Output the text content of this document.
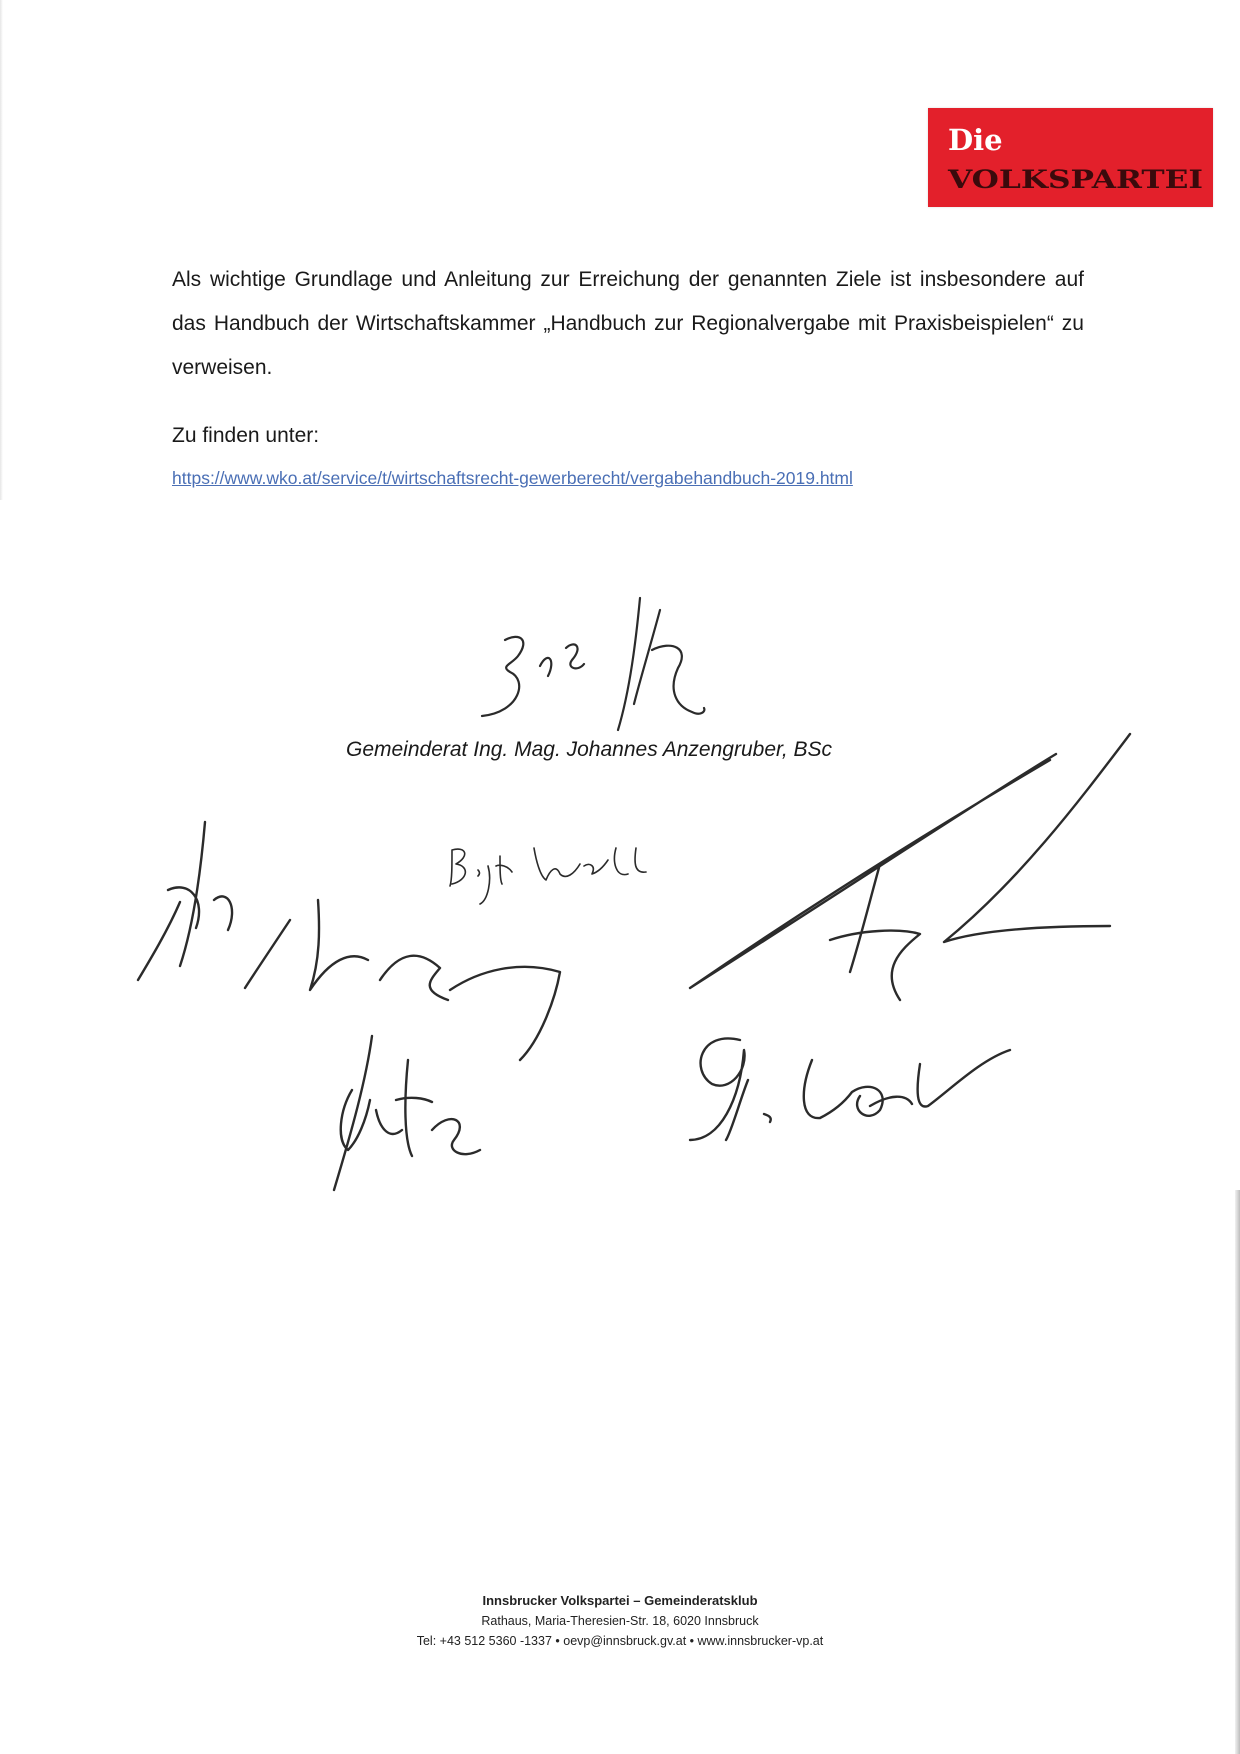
Die
VOLKSPARTEI

Als wichtige Grundlage und Anleitung zur Erreichung der genannten Ziele ist insbesondere auf das Handbuch der Wirtschaftskammer „Handbuch zur Regionalvergabe mit Praxisbeispielen“ zu verweisen.

Zu finden unter:

https://www.wko.at/service/t/wirtschaftsrecht-gewerberecht/vergabehandbuch-2019.html

Gemeinderat Ing. Mag. Johannes Anzengruber, BSc

Innsbrucker Volkspartei – Gemeinderatsklub
Rathaus, Maria-Theresien-Str. 18, 6020 Innsbruck
Tel: +43 512 5360 -1337 • oevp@innsbruck.gv.at • www.innsbrucker-vp.at
